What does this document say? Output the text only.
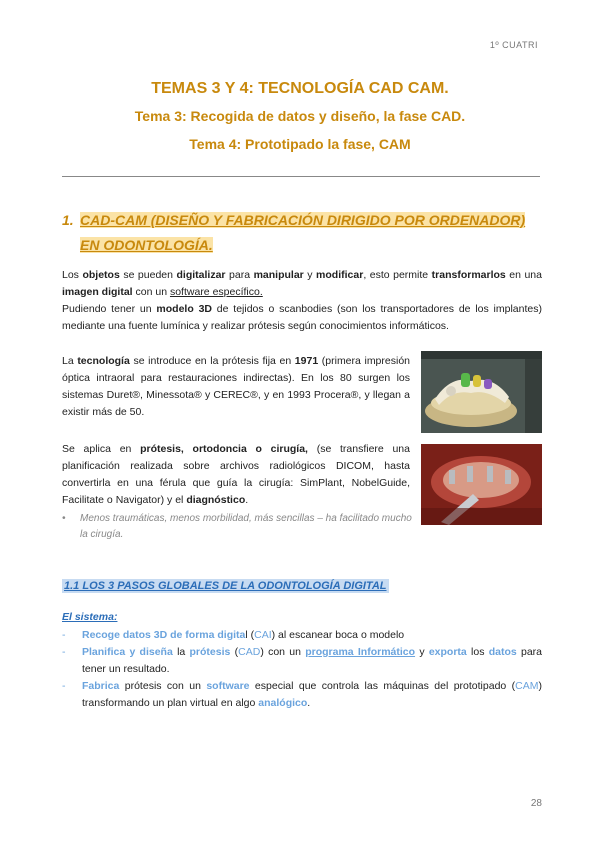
1º CUATRI
TEMAS 3 Y 4: TECNOLOGÍA CAD CAM.
Tema 3: Recogida de datos y diseño, la fase CAD.
Tema 4: Prototipado la fase, CAM
1. CAD-CAM (DISEÑO Y FABRICACIÓN DIRIGIDO POR ORDENADOR)
EN ODONTOLOGÍA.
Los objetos se pueden digitalizar para manipular y modificar, esto permite transformarlos en una imagen digital con un software específico.
Pudiendo tener un modelo 3D de tejidos o scanbodies (son los transportadores de los implantes) mediante una fuente lumínica y realizar prótesis según conocimientos informáticos.
La tecnología se introduce en la prótesis fija en 1971 (primera impresión óptica intraoral para restauraciones indirectas). En los 80 surgen los sistemas Duret®, Minessota® y CEREC®, y en 1993 Procera®, y llegan a existir más de 50.
Se aplica en prótesis, ortodoncia o cirugía, (se transfiere una planificación realizada sobre archivos radiológicos DICOM, hasta convertirla en una férula que guía la cirugía: SimPlant, NobelGuide, Facilitate o Navigator) y el diagnóstico.
• Menos traumáticas, menos morbilidad, más sencillas – ha facilitado mucho la cirugía.
1.1 LOS 3 PASOS GLOBALES DE LA ODONTOLOGÍA DIGITAL
El sistema:
- Recoge datos 3D de forma digital (CAI) al escanear boca o modelo
- Planifica y diseña la prótesis (CAD) con un programa Informático y exporta los datos para tener un resultado.
- Fabrica prótesis con un software especial que controla las máquinas del prototipado (CAM) transformando un plan virtual en algo analógico.
28
